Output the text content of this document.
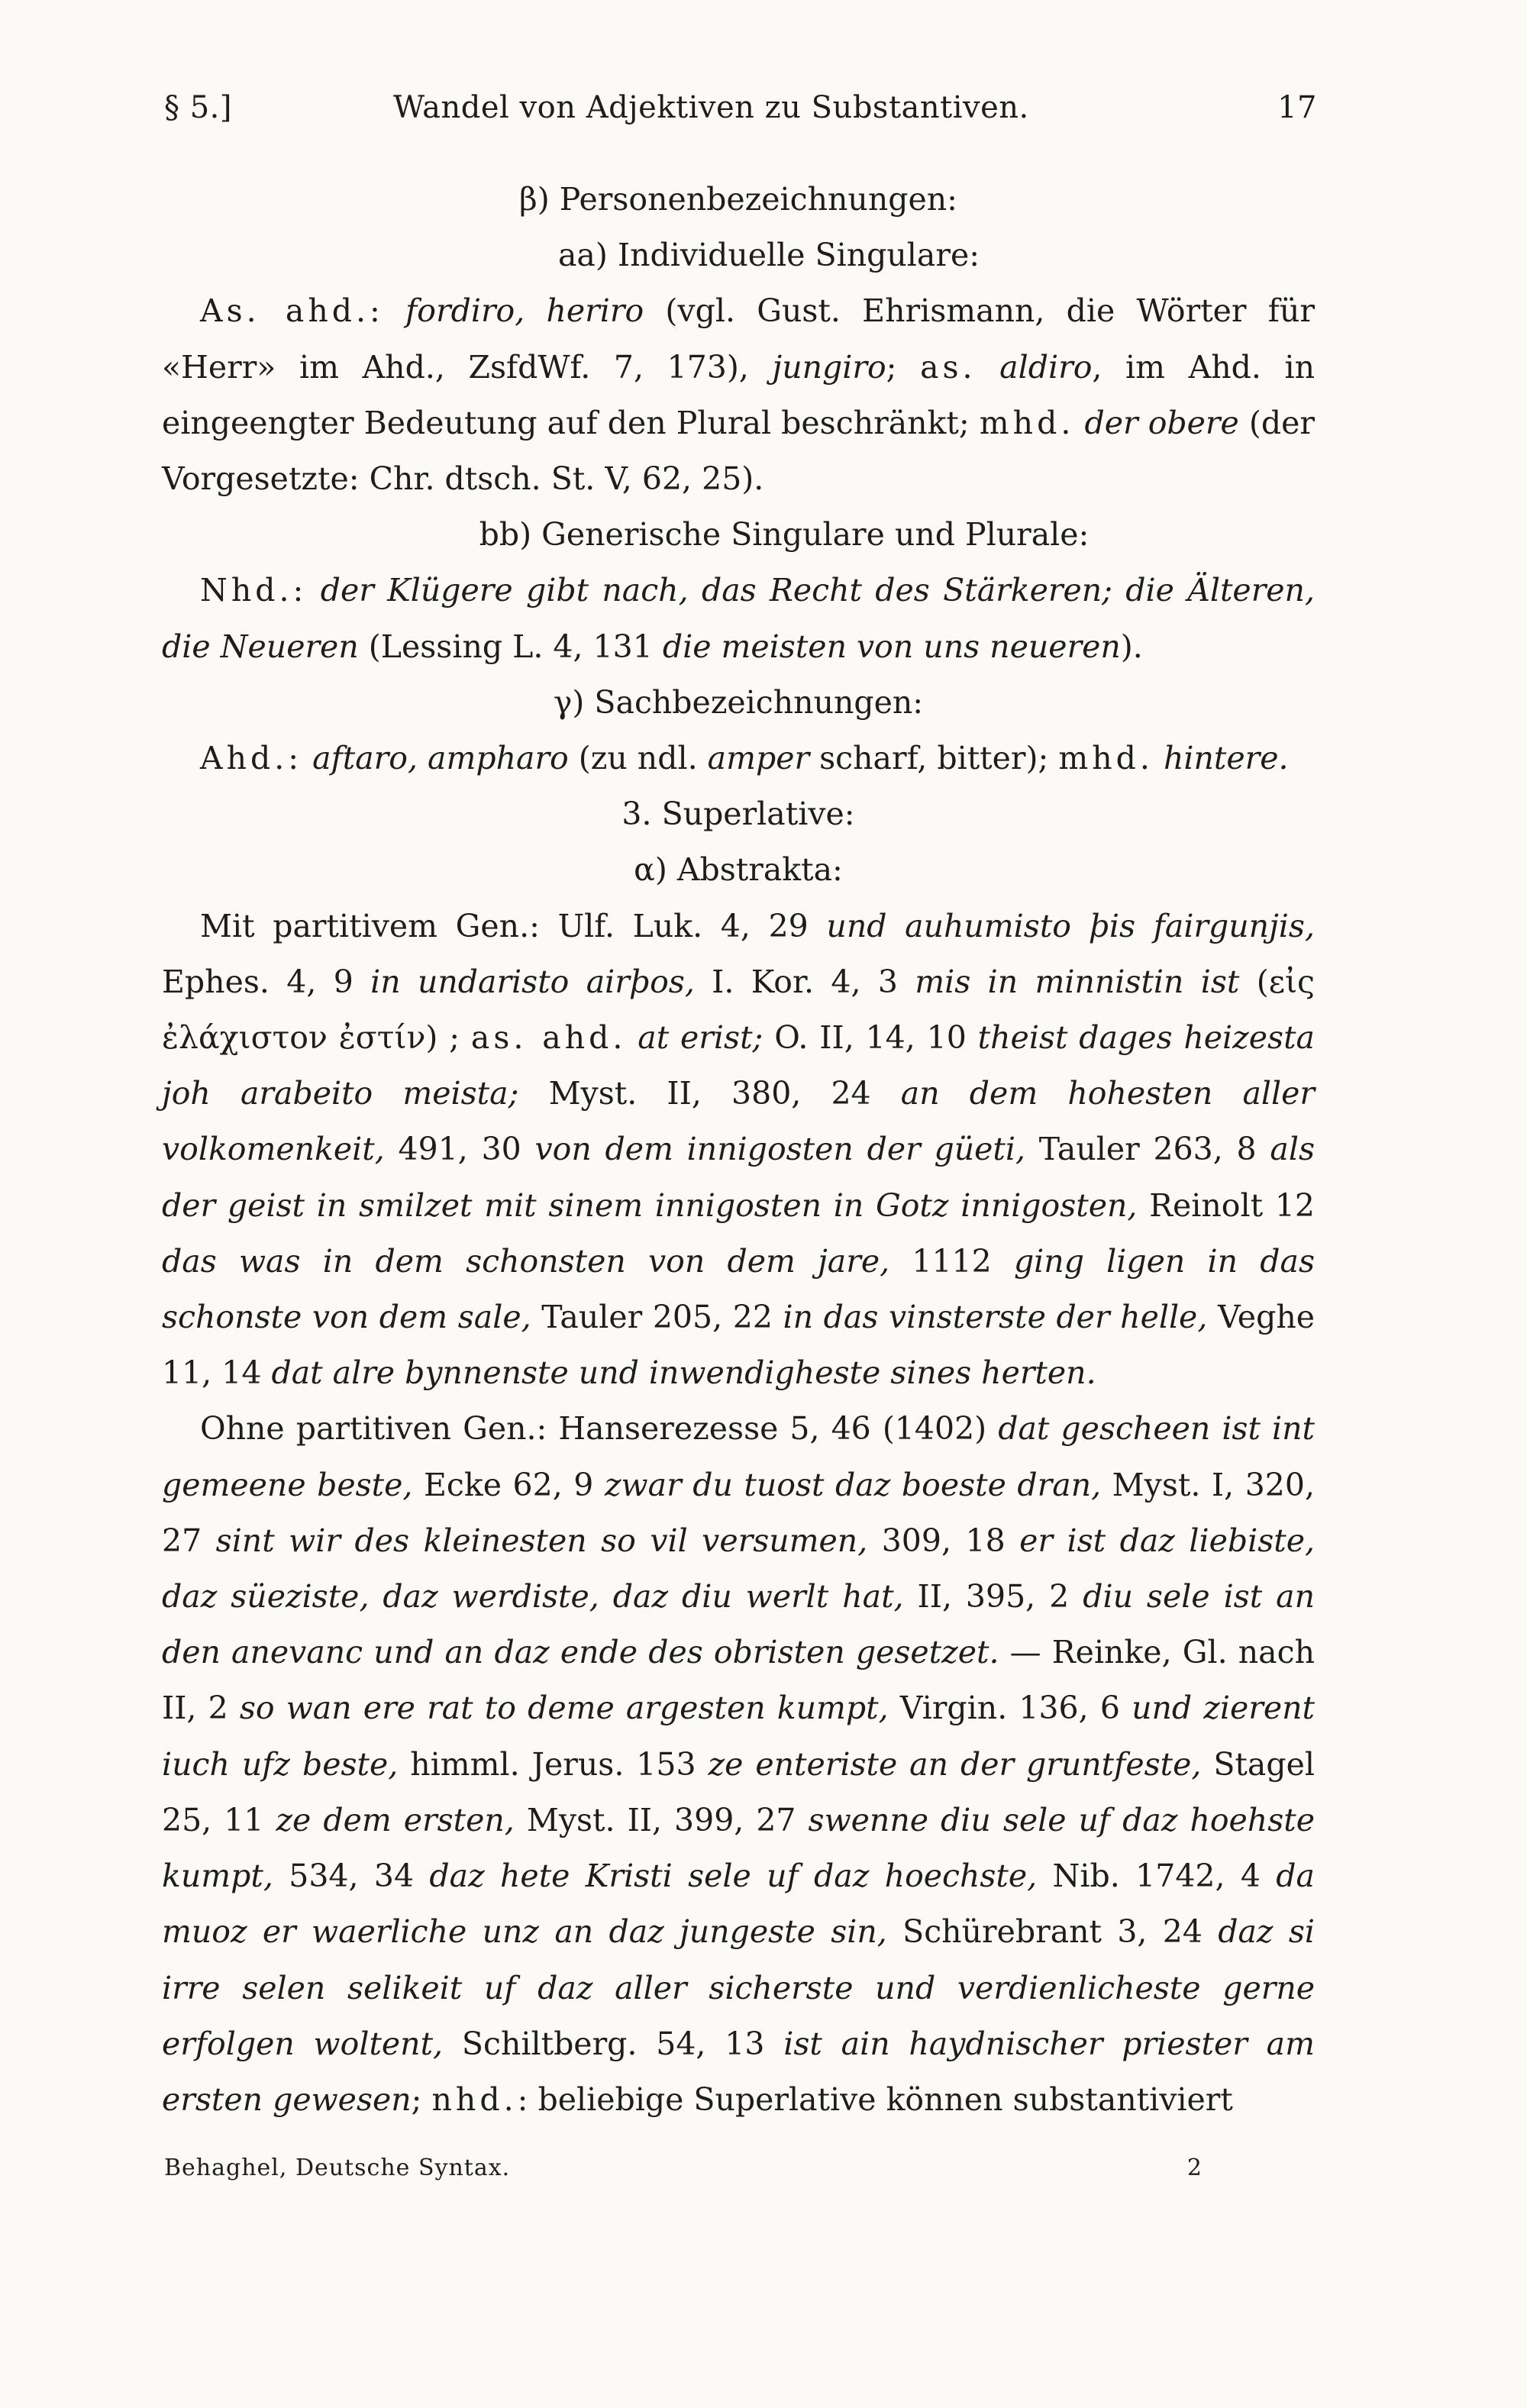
§ 5.]	Wandel von Adjektiven zu Substantiven.	17

β) Personenbezeichnungen:

aa) Individuelle Singulare:

As. ahd.: fordiro, heriro (vgl. Gust. Ehrismann, die Wörter für «Herr» im Ahd., ZsfdWf. 7, 173), jungiro; as. aldiro, im Ahd. in eingeengter Bedeutung auf den Plural beschränkt; mhd. der obere (der Vorgesetzte: Chr. dtsch. St. V, 62, 25).

bb) Generische Singulare und Plurale:

Nhd.: der Klügere gibt nach, das Recht des Stärkeren; die Älteren, die Neueren (Lessing L. 4, 131 die meisten von uns neueren).

γ) Sachbezeichnungen:

Ahd.: aftaro, ampharo (zu ndl. amper scharf, bitter); mhd. hintere.

3. Superlative:

α) Abstrakta:

Mit partitivem Gen.: Ulf. Luk. 4, 29 und auhumisto þis fairgunjis, Ephes. 4, 9 in undaristo airþos, I. Kor. 4, 3 mis in minnistin ist (εἰς ἐλάχιστον ἐστίν) ; as. ahd. at erist; O. II, 14, 10 theist dages heizesta joh arabeito meista; Myst. II, 380, 24 an dem hohesten aller volkomenkeit, 491, 30 von dem innigosten der güeti, Tauler 263, 8 als der geist in smilzet mit sinem innigosten in Gotz innigosten, Reinolt 12 das was in dem schonsten von dem jare, 1112 ging ligen in das schonste von dem sale, Tauler 205, 22 in das vinsterste der helle, Veghe 11, 14 dat alre bynnenste und inwendigheste sines herten.

Ohne partitiven Gen.: Hanserezesse 5, 46 (1402) dat gescheen ist int gemeene beste, Ecke 62, 9 zwar du tuost daz boeste dran, Myst. I, 320, 27 sint wir des kleinesten so vil versumen, 309, 18 er ist daz liebiste, daz süeziste, daz werdiste, daz diu werlt hat, II, 395, 2 diu sele ist an den anevanc und an daz ende des obristen gesetzet. — Reinke, Gl. nach II, 2 so wan ere rat to deme argesten kumpt, Virgin. 136, 6 und zierent iuch ufz beste, himml. Jerus. 153 ze enteriste an der gruntfeste, Stagel 25, 11 ze dem ersten, Myst. II, 399, 27 swenne diu sele uf daz hoehste kumpt, 534, 34 daz hete Kristi sele uf daz hoechste, Nib. 1742, 4 da muoz er waerliche unz an daz jungeste sin, Schürebrant 3, 24 daz si irre selen selikeit uf daz aller sicherste und verdienlicheste gerne erfolgen woltent, Schiltberg. 54, 13 ist ain haydnischer priester am ersten gewesen; nhd.: beliebige Superlative können substantiviert

Behaghel, Deutsche Syntax.	2
